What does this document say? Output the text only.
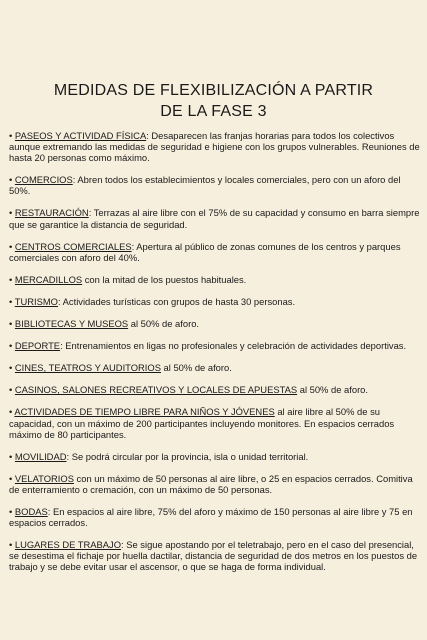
MEDIDAS DE FLEXIBILIZACIÓN A PARTIR
DE LA FASE 3
• PASEOS Y ACTIVIDAD FÍSICA: Desaparecen las franjas horarias para todos los colectivos aunque extremando las medidas de seguridad e higiene con los grupos vulnerables. Reuniones de hasta 20 personas como máximo.
• COMERCIOS: Abren todos los establecimientos y locales comerciales, pero con un aforo del 50%.
• RESTAURACIÓN: Terrazas al aire libre con el 75% de su capacidad y consumo en barra siempre que se garantice la distancia de seguridad.
• CENTROS COMERCIALES: Apertura al público de zonas comunes de los centros y parques comerciales con aforo del 40%.
• MERCADILLOS con la mitad de los puestos habituales.
• TURISMO: Actividades turísticas con grupos de hasta 30 personas.
• BIBLIOTECAS Y MUSEOS al 50% de aforo.
• DEPORTE: Entrenamientos en ligas no profesionales y celebración de actividades deportivas.
• CINES, TEATROS Y AUDITORIOS al 50% de aforo.
• CASINOS, SALONES RECREATIVOS Y LOCALES DE APUESTAS al 50% de aforo.
• ACTIVIDADES DE TIEMPO LIBRE PARA NIÑOS Y JÓVENES al aire libre al 50% de su capacidad, con un máximo de 200 participantes incluyendo monitores. En espacios cerrados máximo de 80 participantes.
• MOVILIDAD: Se podrá circular por la provincia, isla o unidad territorial.
• VELATORIOS con un máximo de 50 personas al aire libre, o 25 en espacios cerrados. Comitiva de enterramiento o cremación, con un máximo de 50 personas.
• BODAS: En espacios al aire libre, 75% del aforo y máximo de 150 personas al aire libre y 75 en espacios cerrados.
• LUGARES DE TRABAJO: Se sigue apostando por el teletrabajo, pero en el caso del presencial, se desestima el fichaje por huella dactilar, distancia de seguridad de dos metros en los puestos de trabajo y se debe evitar usar el ascensor, o que se haga de forma individual.
